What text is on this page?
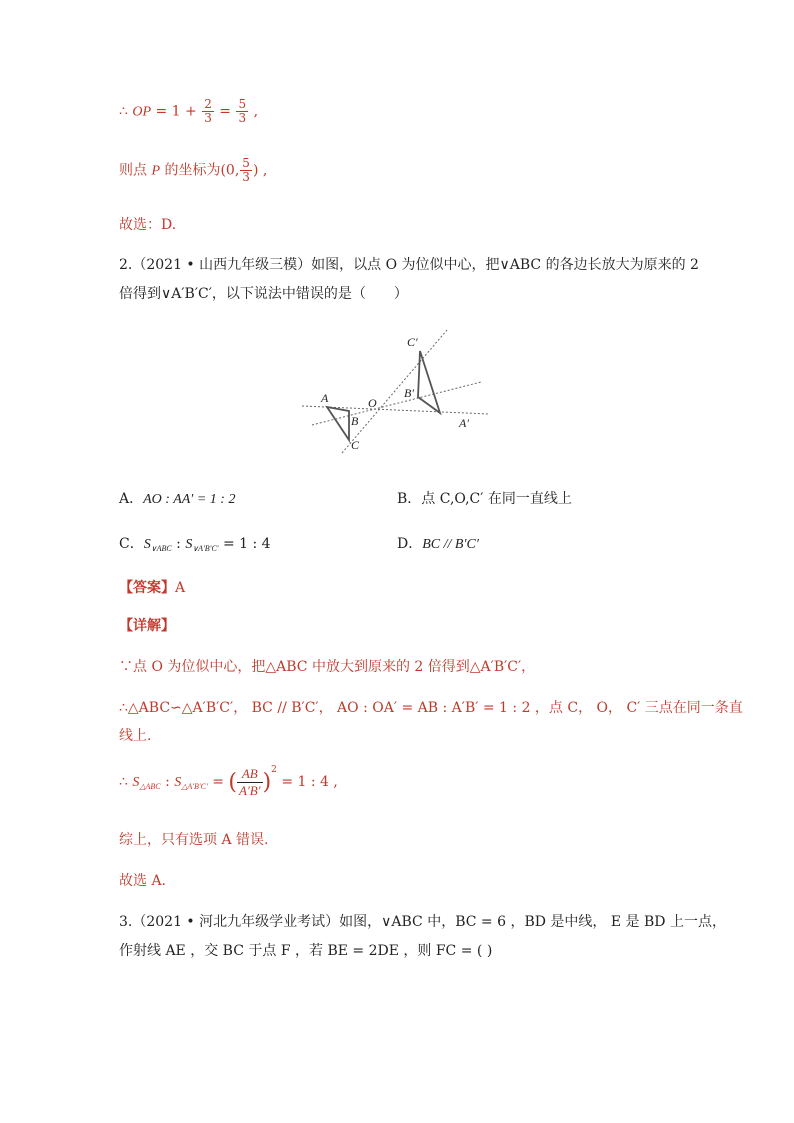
∴ OP = $1 + \frac{2}{3} = \frac{5}{3}$ ,
则点 P 的坐标为(0, $\frac{5}{3}$ ) ,
故选：D.
2.（2021 • 山西九年级三模）如图，以点 O 为位似中心，把∨ABC 的各边长放大为原来的 2
倍得到∨A′B′C′，以下说法中错误的是（　　）
A
B
C
O
A′
B′
C′
A．AO : AA′ = 1 : 2	B．点 C,O,C′ 在同一直线上
C．$S_{\vee ABC}$ : $S_{\vee A'B'C'} = 1$ : 4	D．BC // B′C′
【答案】A
【详解】
∵点 O 为位似中心，把△ABC 中放大到原来的 2 倍得到△A′B′C′，
∴△ABC∽△A′B′C′， BC // B′C′， AO : OA′ = AB : A′B′ = 1 : 2 ，点 C， O， C′ 三点在同一条直
线上.
∴ $S_{\triangle ABC}$ : $S_{\triangle A'B'C'}$ = ( $\frac{AB}{A'B'} )^2 = 1$ : 4 ,
综上，只有选项 A 错误.
故选 A.
3.（2021 • 河北九年级学业考试）如图，∨ABC 中，BC = 6 ，BD 是中线， E 是 BD 上一点，
作射线 AE ，交 BC 于点 F ，若 BE = 2DE ，则 FC = ( )
